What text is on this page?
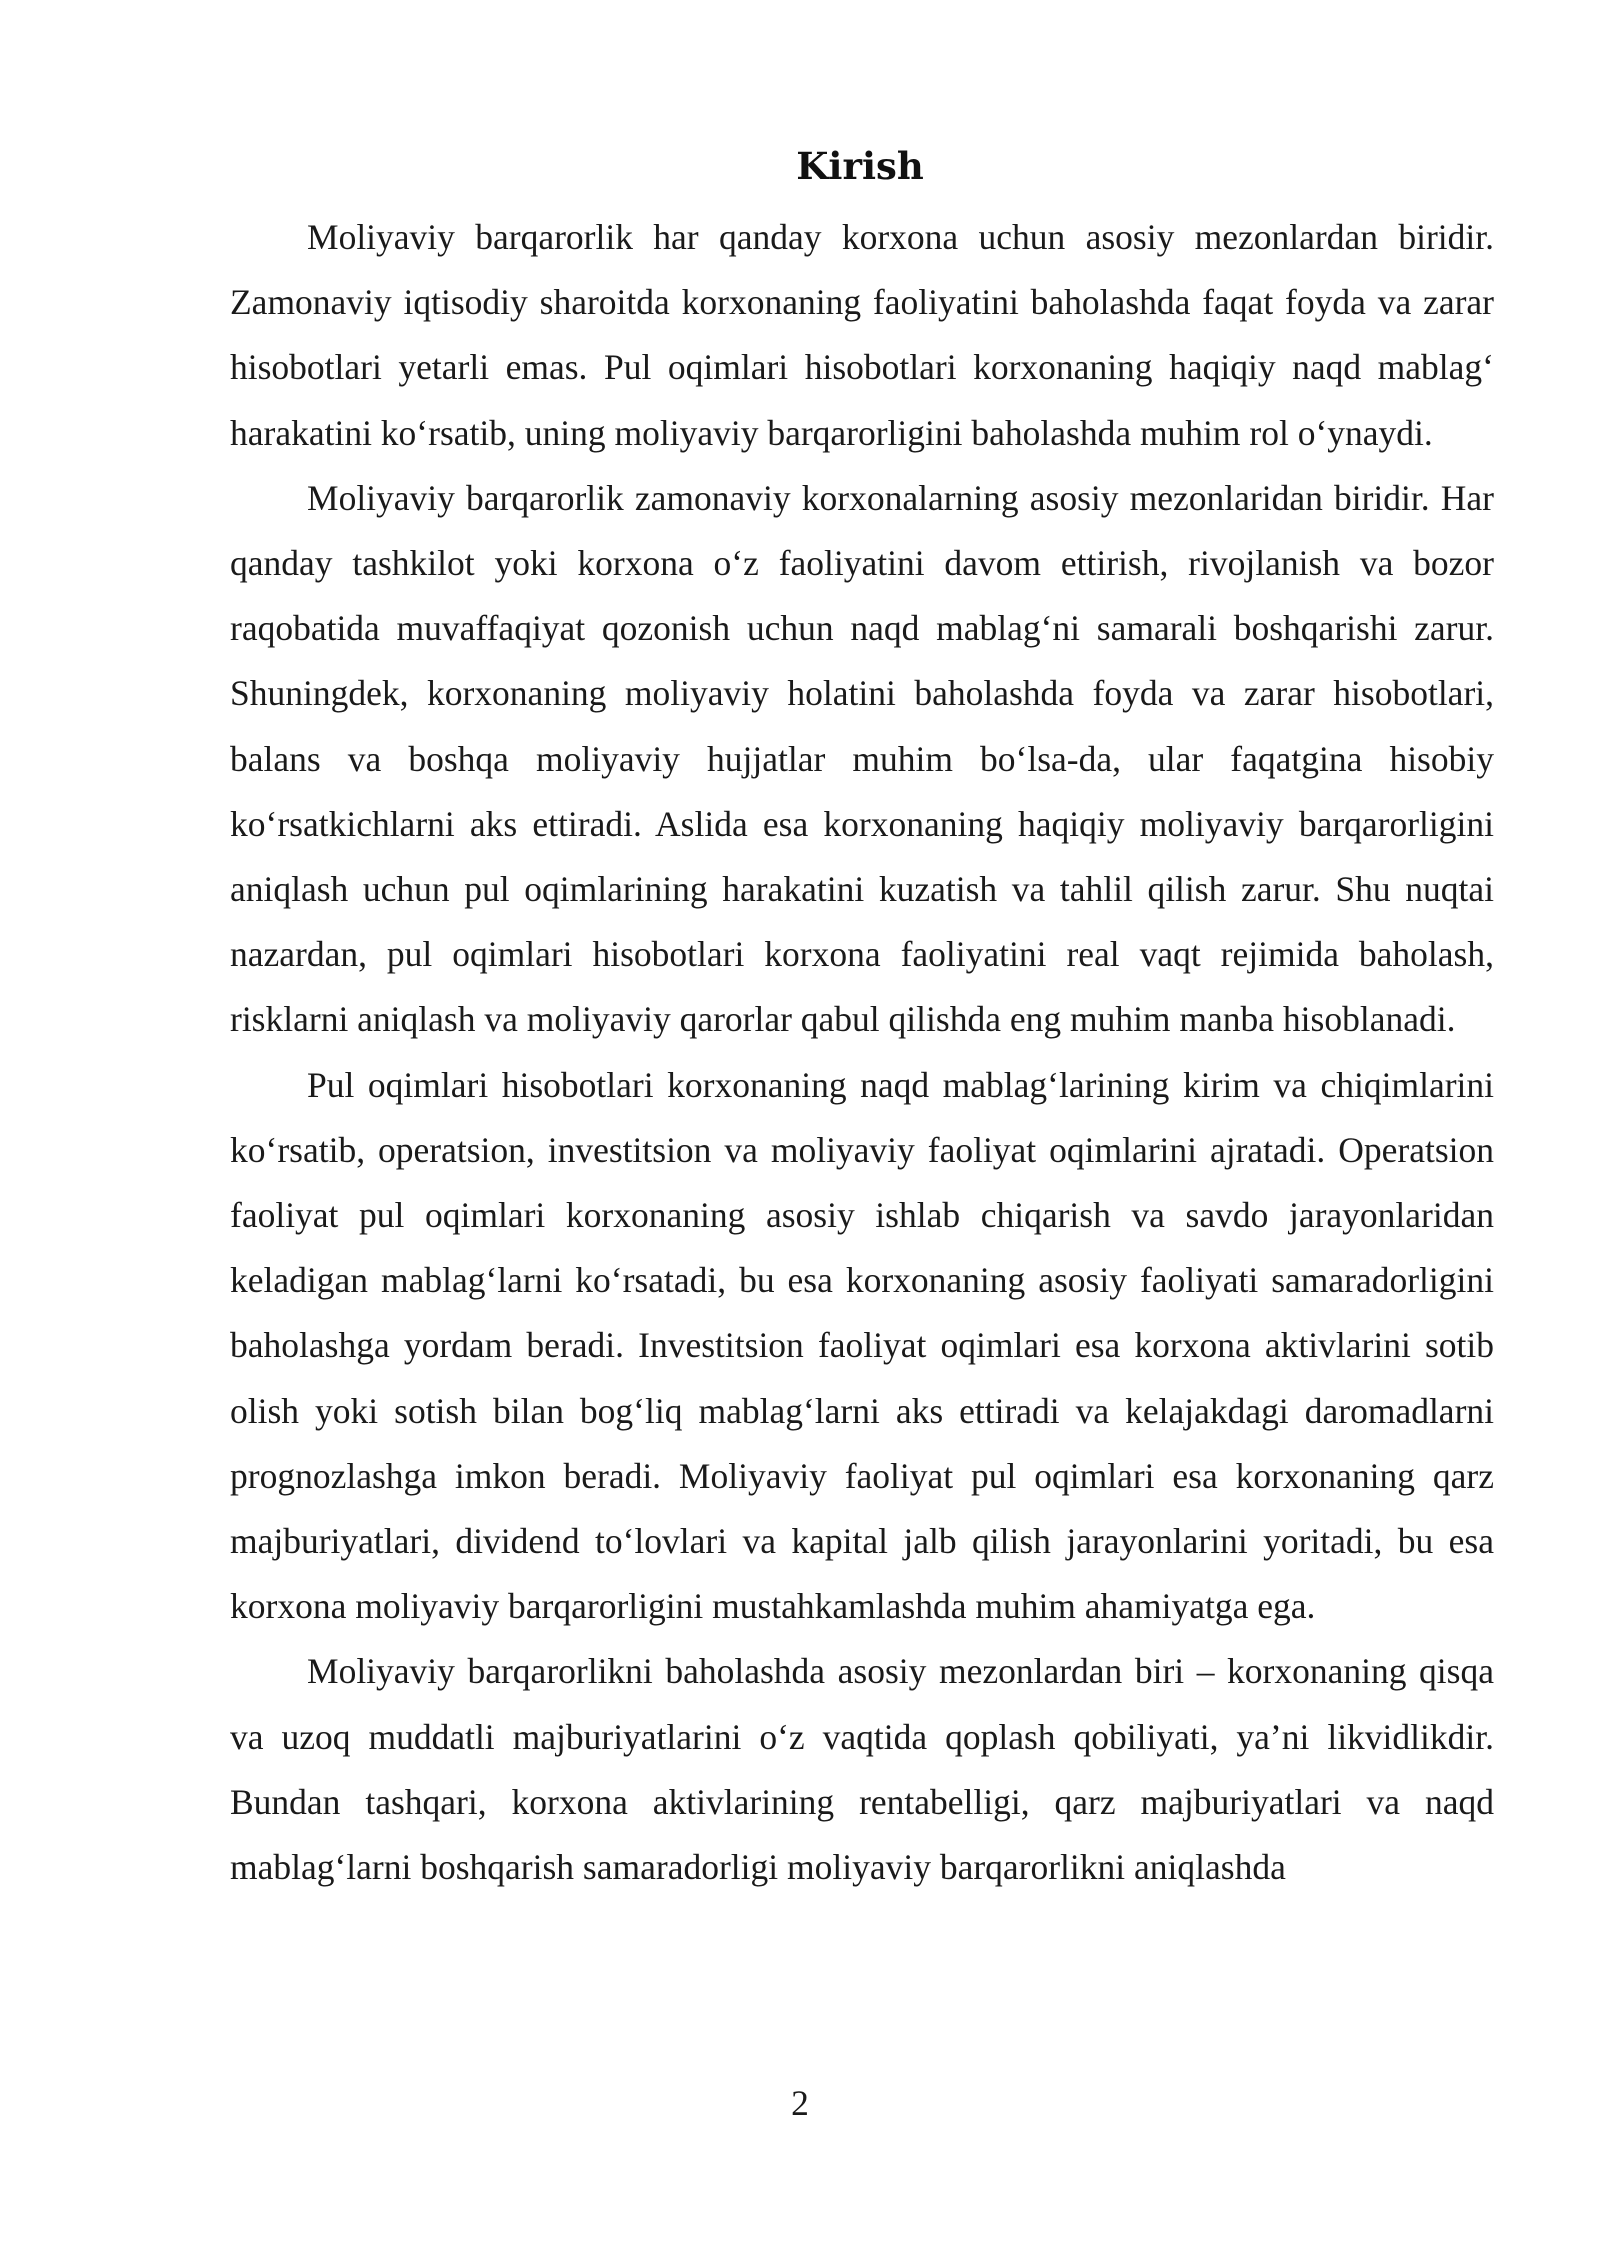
Kirish

Moliyaviy barqarorlik har qanday korxona uchun asosiy mezonlardan biridir. Zamonaviy iqtisodiy sharoitda korxonaning faoliyatini baholashda faqat foyda va zarar hisobotlari yetarli emas. Pul oqimlari hisobotlari korxonaning haqiqiy naqd mablag‘ harakatini ko‘rsatib, uning moliyaviy barqarorligini baholashda muhim rol o‘ynaydi.

Moliyaviy barqarorlik zamonaviy korxonalarning asosiy mezonlaridan biridir. Har qanday tashkilot yoki korxona o‘z faoliyatini davom ettirish, rivojlanish va bozor raqobatida muvaffaqiyat qozonish uchun naqd mablag‘ni samarali boshqarishi zarur. Shuningdek, korxonaning moliyaviy holatini baholashda foyda va zarar hisobotlari, balans va boshqa moliyaviy hujjatlar muhim bo‘lsa-da, ular faqatgina hisobiy ko‘rsatkichlarni aks ettiradi. Aslida esa korxonaning haqiqiy moliyaviy barqarorligini aniqlash uchun pul oqimlarining harakatini kuzatish va tahlil qilish zarur. Shu nuqtai nazardan, pul oqimlari hisobotlari korxona faoliyatini real vaqt rejimida baholash, risklarni aniqlash va moliyaviy qarorlar qabul qilishda eng muhim manba hisoblanadi.

Pul oqimlari hisobotlari korxonaning naqd mablag‘larining kirim va chiqimlarini ko‘rsatib, operatsion, investitsion va moliyaviy faoliyat oqimlarini ajratadi. Operatsion faoliyat pul oqimlari korxonaning asosiy ishlab chiqarish va savdo jarayonlaridan keladigan mablag‘larni ko‘rsatadi, bu esa korxonaning asosiy faoliyati samaradorligini baholashga yordam beradi. Investitsion faoliyat oqimlari esa korxona aktivlarini sotib olish yoki sotish bilan bog‘liq mablag‘larni aks ettiradi va kelajakdagi daromadlarni prognozlashga imkon beradi. Moliyaviy faoliyat pul oqimlari esa korxonaning qarz majburiyatlari, dividend to‘lovlari va kapital jalb qilish jarayonlarini yoritadi, bu esa korxona moliyaviy barqarorligini mustahkamlashda muhim ahamiyatga ega.

Moliyaviy barqarorlikni baholashda asosiy mezonlardan biri – korxonaning qisqa va uzoq muddatli majburiyatlarini o‘z vaqtida qoplash qobiliyati, ya’ni likvidlikdir. Bundan tashqari, korxona aktivlarining rentabelligi, qarz majburiyatlari va naqd mablag‘larni boshqarish samaradorligi moliyaviy barqarorlikni aniqlashda

2
